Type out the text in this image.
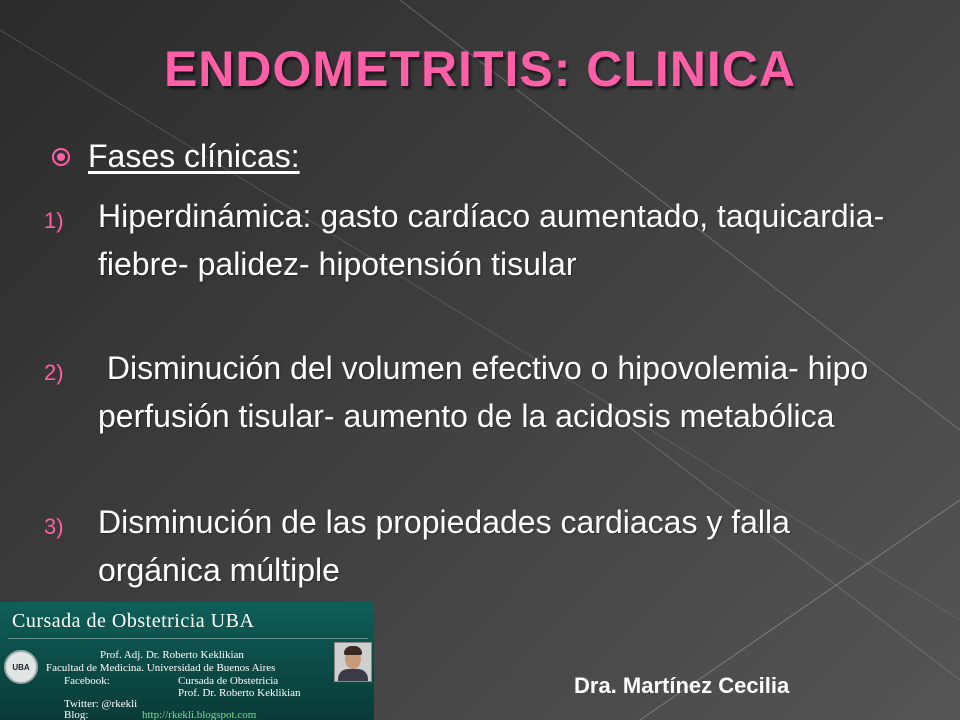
ENDOMETRITIS: CLINICA
Fases clínicas:
1) Hiperdinámica: gasto cardíaco aumentado, taquicardia- fiebre- palidez- hipotensión tisular
2) Disminución del volumen efectivo o hipovolemia- hipo perfusión tisular- aumento de la acidosis metabólica
3) Disminución de las propiedades cardiacas y falla orgánica múltiple
Cursada de Obstetricia UBA
UBA
Prof. Adj. Dr. Roberto Keklikian
Facultad de Medicina. Universidad de Buenos Aires
Facebook:	Cursada de Obstetricia
Prof. Dr. Roberto Keklikian
Twitter: @rkekli
Blog:	http://rkekli.blogspot.com
Dra. Martínez Cecilia
